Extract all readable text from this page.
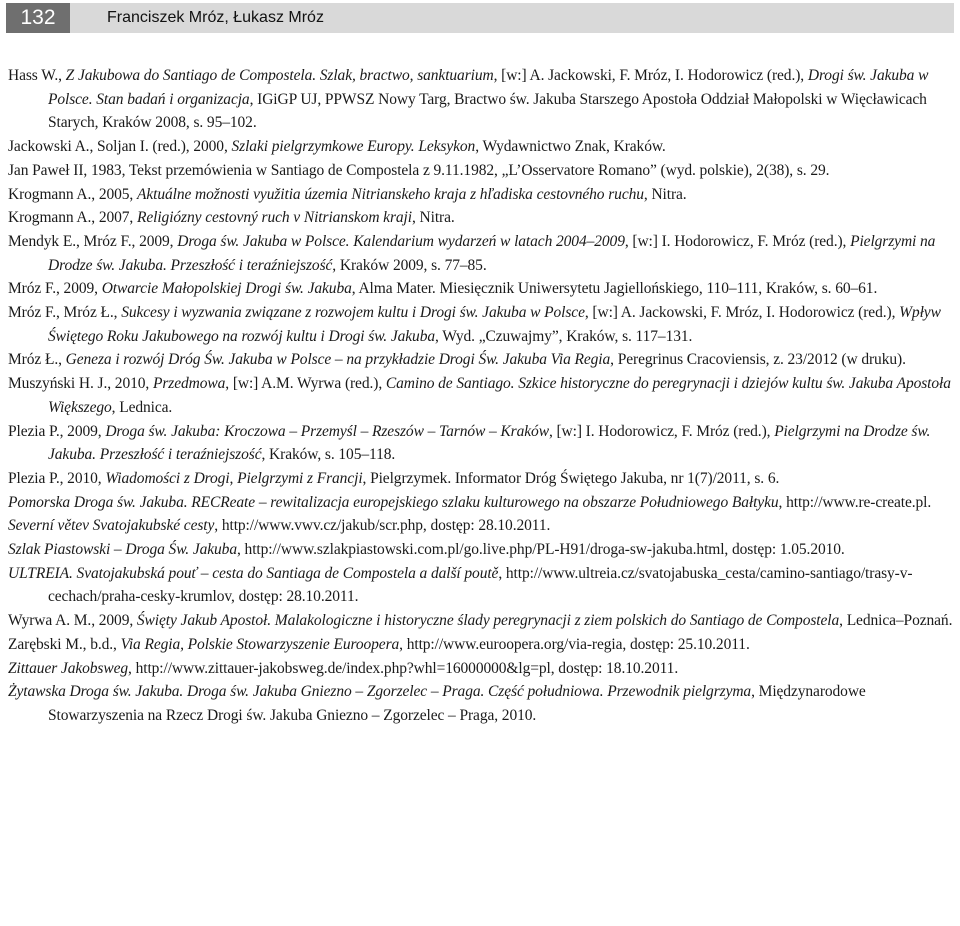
132	Franciszek Mróz, Łukasz Mróz

Hass W., Z Jakubowa do Santiago de Compostela. Szlak, bractwo, sanktuarium, [w:] A. Jackowski, F. Mróz, I. Hodorowicz (red.), Drogi św. Jakuba w Polsce. Stan badań i organizacja, IGiGP UJ, PPWSZ Nowy Targ, Bractwo św. Jakuba Starszego Apostoła Oddział Małopolski w Więcławicach Starych, Kraków 2008, s. 95–102.

Jackowski A., Soljan I. (red.), 2000, Szlaki pielgrzymkowe Europy. Leksykon, Wydawnictwo Znak, Kraków.

Jan Paweł II, 1983, Tekst przemówienia w Santiago de Compostela z 9.11.1982, „L’Osservatore Romano” (wyd. polskie), 2(38), s. 29.

Krogmann A., 2005, Aktuálne možnosti využitia územia Nitrianskeho kraja z hľadiska cestovného ruchu, Nitra.

Krogmann A., 2007, Religiózny cestovný ruch v Nitrianskom kraji, Nitra.

Mendyk E., Mróz F., 2009, Droga św. Jakuba w Polsce. Kalendarium wydarzeń w latach 2004–2009, [w:] I. Hodorowicz, F. Mróz (red.), Pielgrzymi na Drodze św. Jakuba. Przeszłość i teraźniejszość, Kraków 2009, s. 77–85.

Mróz F., 2009, Otwarcie Małopolskiej Drogi św. Jakuba, Alma Mater. Miesięcznik Uniwersytetu Jagiellońskiego, 110–111, Kraków, s. 60–61.

Mróz F., Mróz Ł., Sukcesy i wyzwania związane z rozwojem kultu i Drogi św. Jakuba w Polsce, [w:] A. Jackowski, F. Mróz, I. Hodorowicz (red.), Wpływ Świętego Roku Jakubowego na rozwój kultu i Drogi św. Jakuba, Wyd. „Czuwajmy”, Kraków, s. 117–131.

Mróz Ł., Geneza i rozwój Dróg Św. Jakuba w Polsce – na przykładzie Drogi Św. Jakuba Via Regia, Peregrinus Cracoviensis, z. 23/2012 (w druku).

Muszyński H. J., 2010, Przedmowa, [w:] A.M. Wyrwa (red.), Camino de Santiago. Szkice historyczne do peregrynacji i dziejów kultu św. Jakuba Apostoła Większego, Lednica.

Plezia P., 2009, Droga św. Jakuba: Kroczowa – Przemyśl – Rzeszów – Tarnów – Kraków, [w:] I. Hodorowicz, F. Mróz (red.), Pielgrzymi na Drodze św. Jakuba. Przeszłość i teraźniejszość, Kraków, s. 105–118.

Plezia P., 2010, Wiadomości z Drogi, Pielgrzymi z Francji, Pielgrzymek. Informator Dróg Świętego Jakuba, nr 1(7)/2011, s. 6.

Pomorska Droga św. Jakuba. RECReate – rewitalizacja europejskiego szlaku kulturowego na obszarze Południowego Bałtyku, http://www.re-create.pl.

Severní větev Svatojakubské cesty, http://www.vwv.cz/jakub/scr.php, dostęp: 28.10.2011.

Szlak Piastowski – Droga Św. Jakuba, http://www.szlakpiastowski.com.pl/go.live.php/PL-H91/droga-sw-jakuba.html, dostęp: 1.05.2010.

ULTREIA. Svatojakubská pouť – cesta do Santiaga de Compostela a další poutě, http://www.ultreia.cz/svatojabuska_cesta/camino-santiago/trasy-v-cechach/praha-cesky-krumlov, dostęp: 28.10.2011.

Wyrwa A. M., 2009, Święty Jakub Apostoł. Malakologiczne i historyczne ślady peregrynacji z ziem polskich do Santiago de Compostela, Lednica–Poznań.

Zarębski M., b.d., Via Regia, Polskie Stowarzyszenie Euroopera, http://www.euroopera.org/via-regia, dostęp: 25.10.2011.

Zittauer Jakobsweg, http://www.zittauer-jakobsweg.de/index.php?whl=16000000&lg=pl, dostęp: 18.10.2011.

Żytawska Droga św. Jakuba. Droga św. Jakuba Gniezno – Zgorzelec – Praga. Część południowa. Przewodnik pielgrzyma, Międzynarodowe Stowarzyszenia na Rzecz Drogi św. Jakuba Gniezno – Zgorzelec – Praga, 2010.
